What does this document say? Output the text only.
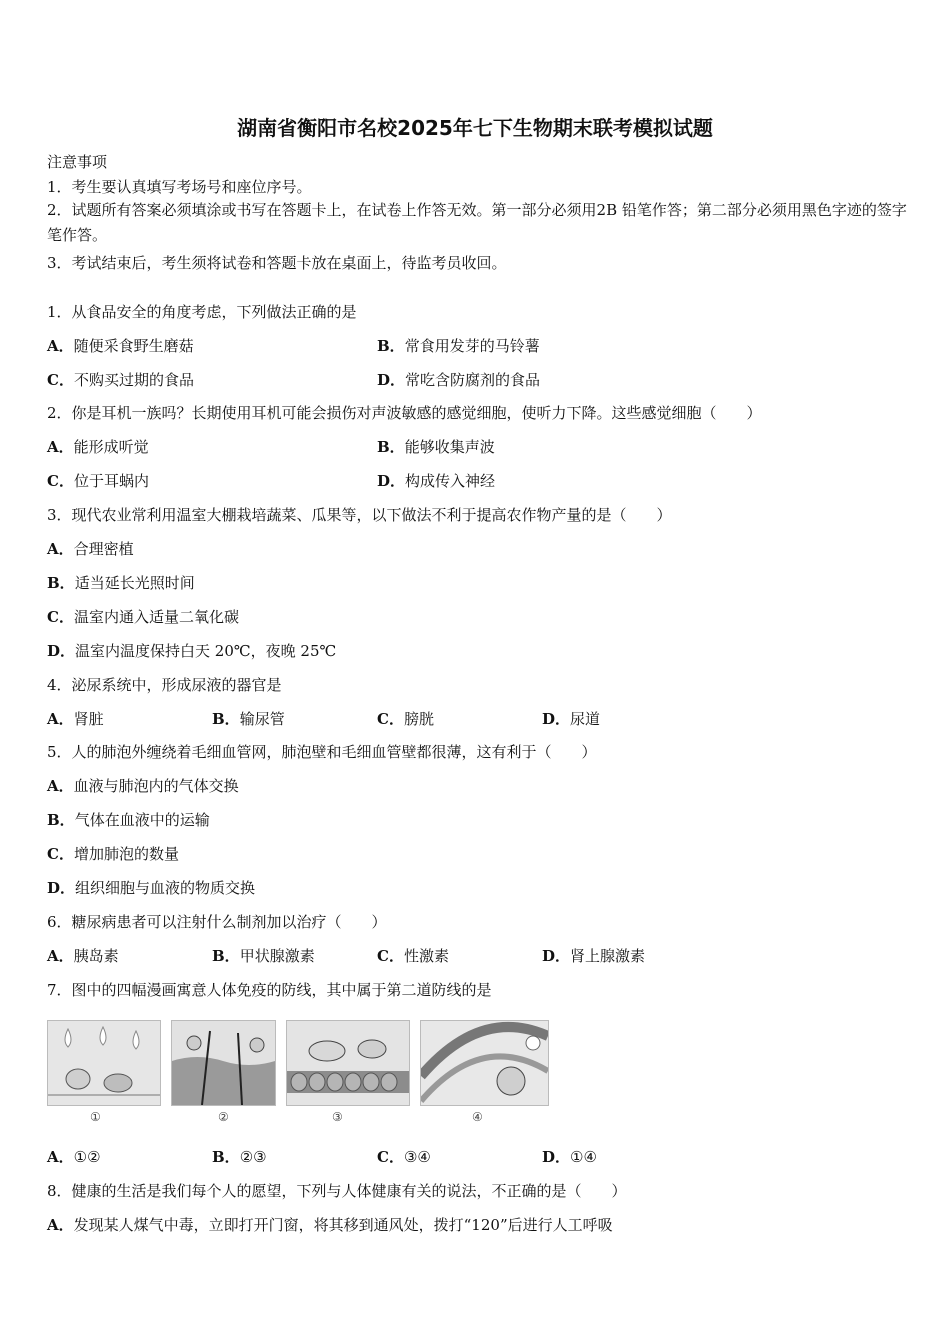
湖南省衡阳市名校2025年七下生物期末联考模拟试题
注意事项
1．考生要认真填写考场号和座位序号。
2．试题所有答案必须填涂或书写在答题卡上，在试卷上作答无效。第一部分必须用2B 铅笔作答；第二部分必须用黑色字迹的签字笔作答。
3．考试结束后，考生须将试卷和答题卡放在桌面上，待监考员收回。
1．从食品安全的角度考虑，下列做法正确的是
A．随便采食野生磨菇	B．常食用发芽的马铃薯
C．不购买过期的食品	D．常吃含防腐剂的食品
2．你是耳机一族吗？长期使用耳机可能会损伤对声波敏感的感觉细胞，使听力下降。这些感觉细胞（　　）
A．能形成听觉	B．能够收集声波
C．位于耳蜗内	D．构成传入神经
3．现代农业常利用温室大棚栽培蔬菜、瓜果等，以下做法不利于提高农作物产量的是（　　）
A．合理密植
B．适当延长光照时间
C．温室内通入适量二氧化碳
D．温室内温度保持白天 20℃，夜晚 25℃
4．泌尿系统中，形成尿液的器官是
A．肾脏	B．输尿管	C．膀胱	D．尿道
5．人的肺泡外缠绕着毛细血管网，肺泡壁和毛细血管壁都很薄，这有利于（　　）
A．血液与肺泡内的气体交换
B．气体在血液中的运输
C．增加肺泡的数量
D．组织细胞与血液的物质交换
6．糖尿病患者可以注射什么制剂加以治疗（　　）
A．胰岛素	B．甲状腺激素	C．性激素	D．肾上腺激素
7．图中的四幅漫画寓意人体免疫的防线，其中属于第二道防线的是
①	②	③	④
A．①②	B．②③	C．③④	D．①④
8．健康的生活是我们每个人的愿望，下列与人体健康有关的说法，不正确的是（　　）
A．发现某人煤气中毒，立即打开门窗，将其移到通风处，拨打“120”后进行人工呼吸
